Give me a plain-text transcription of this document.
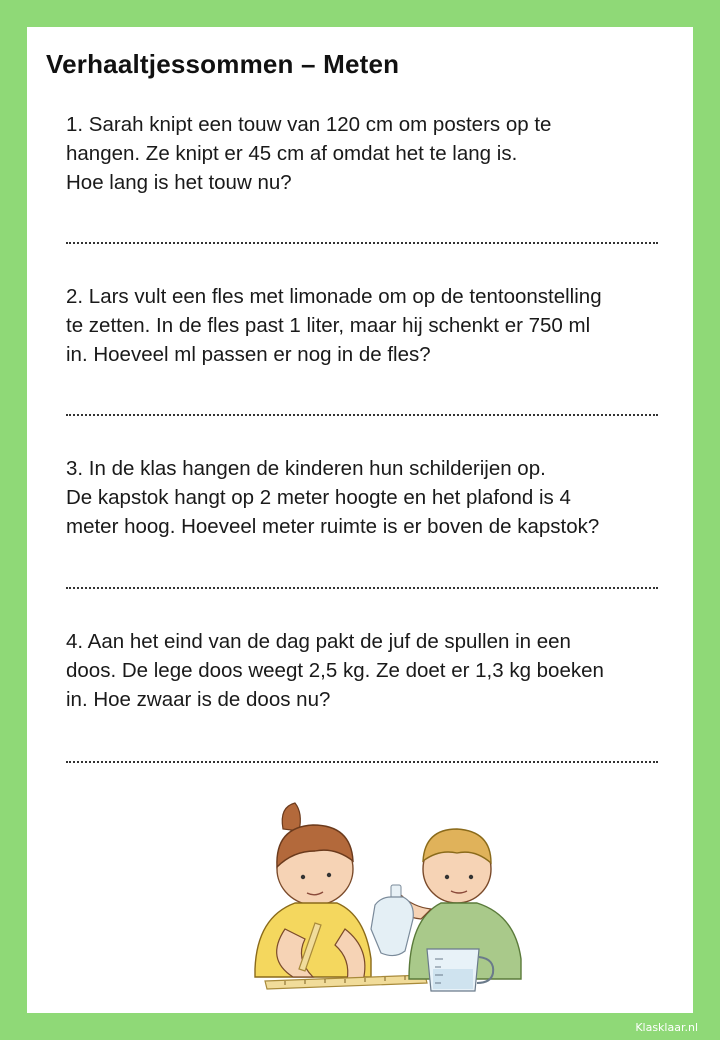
Verhaaltjessommen – Meten
1. Sarah knipt een touw van 120 cm om posters op te
hangen. Ze knipt er 45 cm af omdat het te lang is.
Hoe lang is het touw nu?
2. Lars vult een fles met limonade om op de tentoonstelling
te zetten. In de fles past 1 liter, maar hij schenkt er 750 ml
in. Hoeveel ml passen er nog in de fles?
3. In de klas hangen de kinderen hun schilderijen op.
De kapstok hangt op 2 meter hoogte en het plafond is 4
meter hoog. Hoeveel meter ruimte is er boven de kapstok?
4. Aan het eind van de dag pakt de juf de spullen in een
doos. De lege doos weegt 2,5 kg. Ze doet er 1,3 kg boeken
in. Hoe zwaar is de doos nu?
Klasklaar.nl
